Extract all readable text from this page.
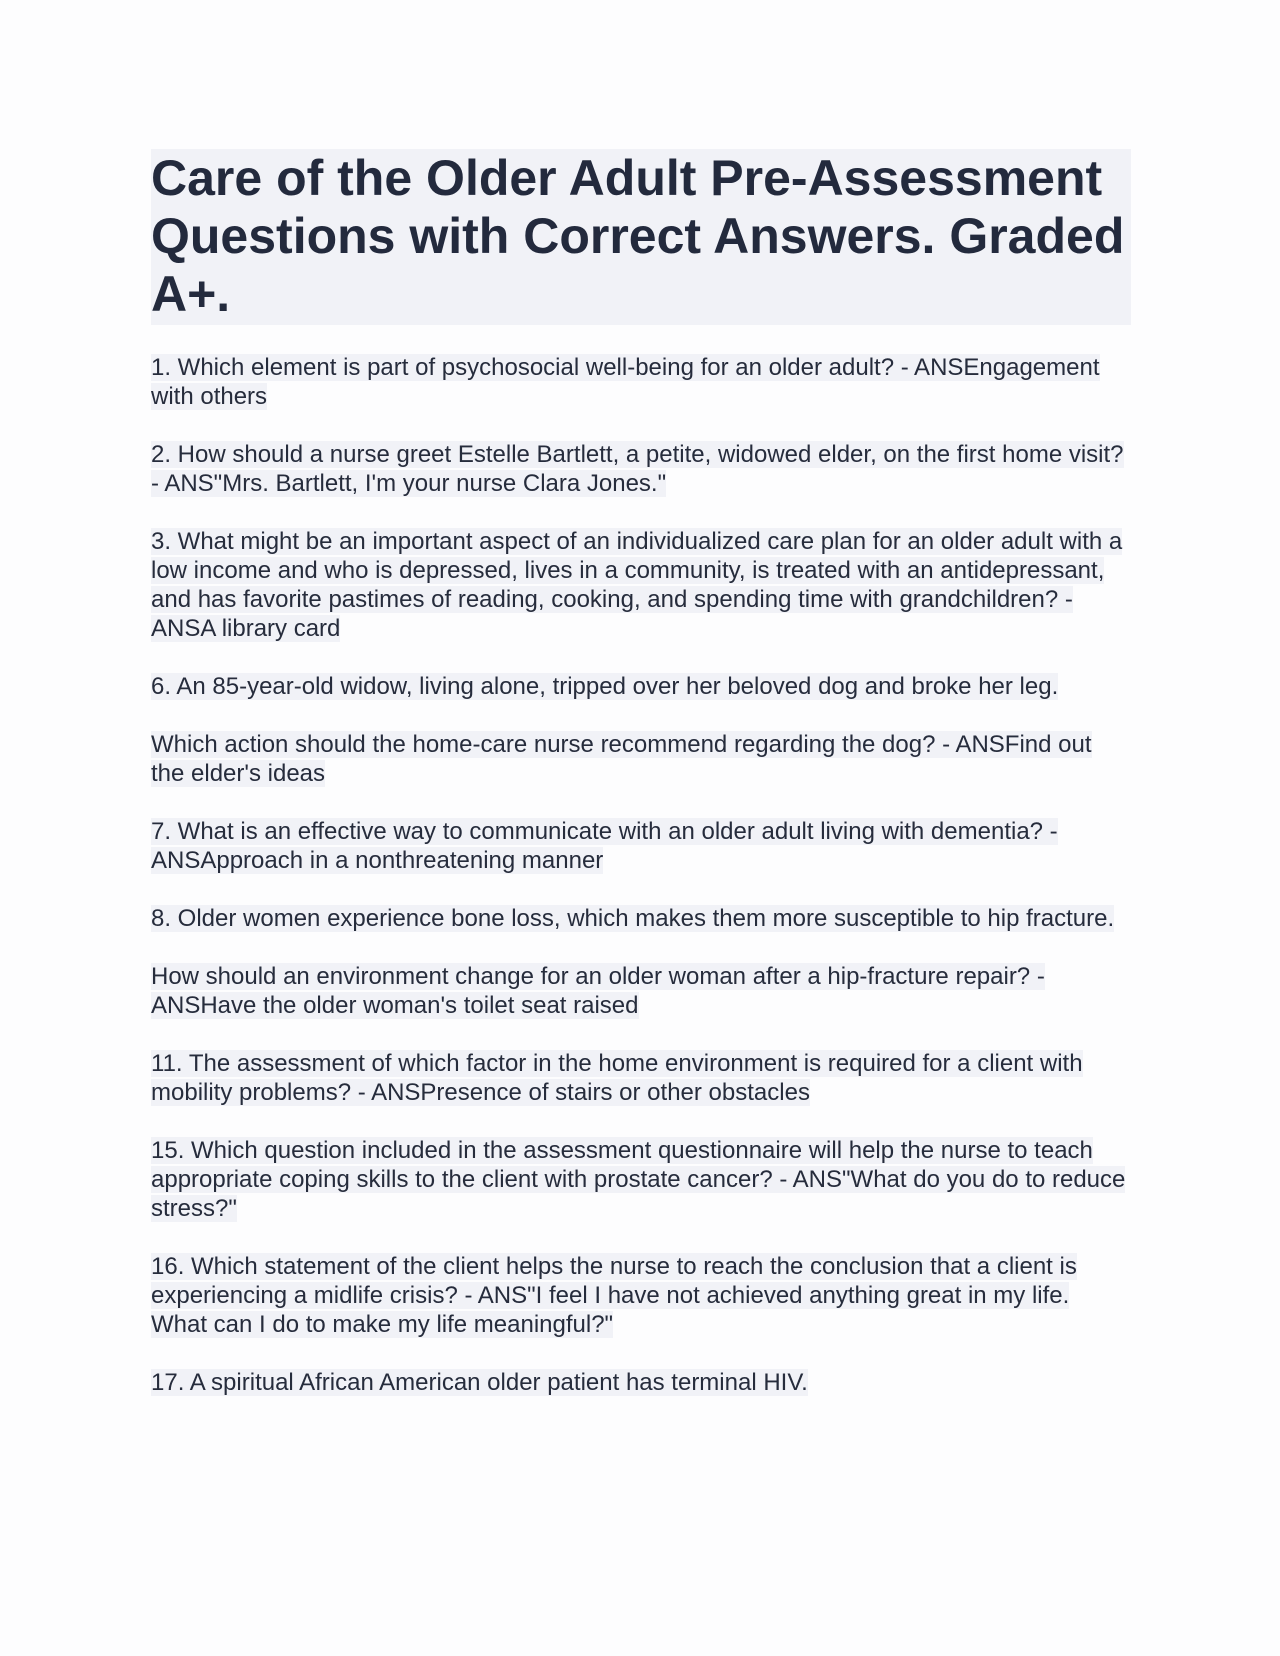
Care of the Older Adult Pre-Assessment Questions with Correct Answers. Graded A+.

1. Which element is part of psychosocial well-being for an older adult? - ANSEngagement with others

2. How should a nurse greet Estelle Bartlett, a petite, widowed elder, on the first home visit? - ANS"Mrs. Bartlett, I'm your nurse Clara Jones."

3. What might be an important aspect of an individualized care plan for an older adult with a low income and who is depressed, lives in a community, is treated with an antidepressant, and has favorite pastimes of reading, cooking, and spending time with grandchildren? - ANSA library card

6. An 85-year-old widow, living alone, tripped over her beloved dog and broke her leg.

Which action should the home-care nurse recommend regarding the dog? - ANSFind out the elder's ideas

7. What is an effective way to communicate with an older adult living with dementia? - ANSApproach in a nonthreatening manner

8. Older women experience bone loss, which makes them more susceptible to hip fracture.

How should an environment change for an older woman after a hip-fracture repair? - ANSHave the older woman's toilet seat raised

11. The assessment of which factor in the home environment is required for a client with mobility problems? - ANSPresence of stairs or other obstacles

15. Which question included in the assessment questionnaire will help the nurse to teach appropriate coping skills to the client with prostate cancer? - ANS"What do you do to reduce stress?"

16. Which statement of the client helps the nurse to reach the conclusion that a client is experiencing a midlife crisis? - ANS"I feel I have not achieved anything great in my life. What can I do to make my life meaningful?"

17. A spiritual African American older patient has terminal HIV.
